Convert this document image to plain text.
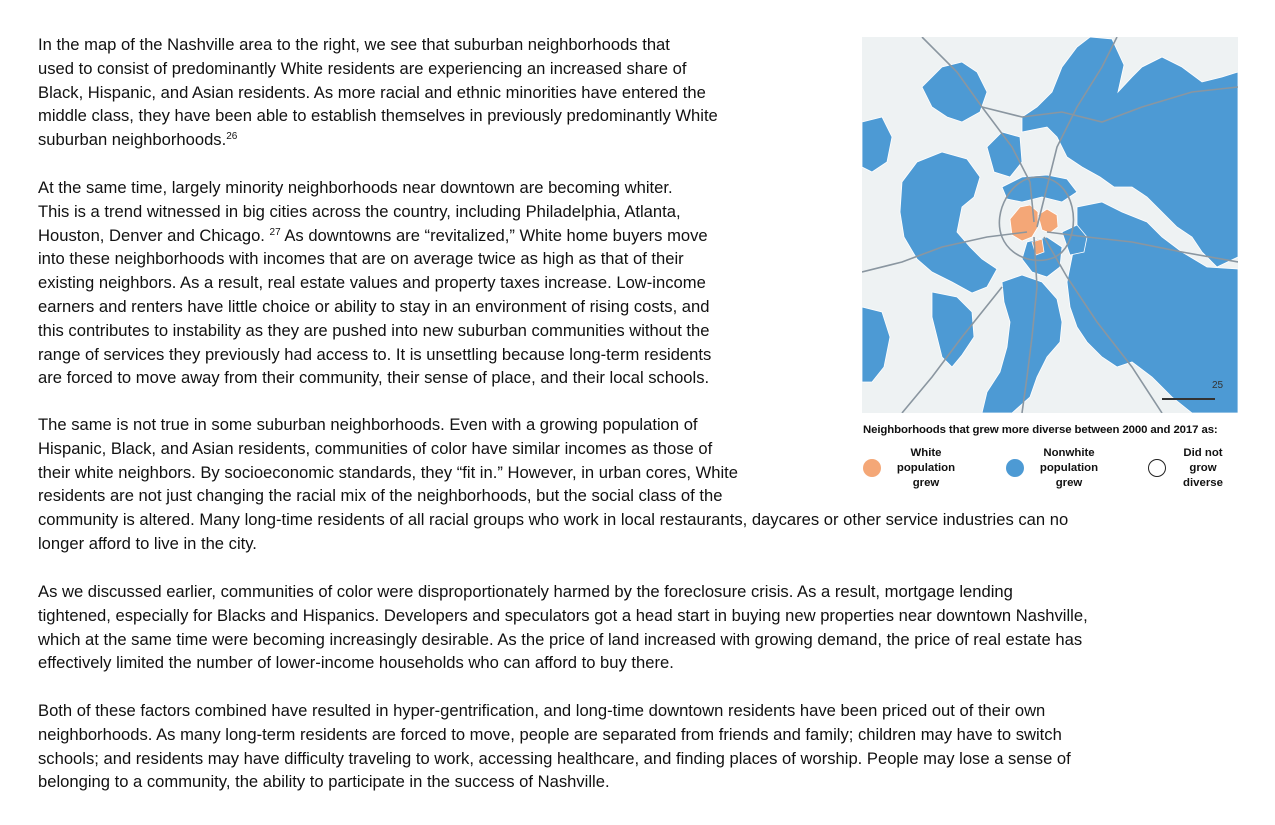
In the map of the Nashville area to the right, we see that suburban neighborhoods that
used to consist of predominantly White residents are experiencing an increased share of
Black, Hispanic, and Asian residents. As more racial and ethnic minorities have entered the
middle class, they have been able to establish themselves in previously predominantly White
suburban neighborhoods.$^{26}$
At the same time, largely minority neighborhoods near downtown are becoming whiter.
This is a trend witnessed in big cities across the country, including Philadelphia, Atlanta,
Houston, Denver and Chicago. $^{27}$ As downtowns are “revitalized,” White home buyers move
into these neighborhoods with incomes that are on average twice as high as that of their
existing neighbors. As a result, real estate values and property taxes increase. Low-income
earners and renters have little choice or ability to stay in an environment of rising costs, and
this contributes to instability as they are pushed into new suburban communities without the
range of services they previously had access to. It is unsettling because long-term residents
are forced to move away from their community, their sense of place, and their local schools.
The same is not true in some suburban neighborhoods. Even with a growing population of
Hispanic, Black, and Asian residents, communities of color have similar incomes as those of
their white neighbors. By socioeconomic standards, they “fit in.” However, in urban cores, White
residents are not just changing the racial mix of the neighborhoods, but the social class of the
community is altered. Many long-time residents of all racial groups who work in local restaurants, daycares or other service industries can no
longer afford to live in the city.
As we discussed earlier, communities of color were disproportionately harmed by the foreclosure crisis. As a result, mortgage lending
tightened, especially for Blacks and Hispanics. Developers and speculators got a head start in buying new properties near downtown Nashville,
which at the same time were becoming increasingly desirable. As the price of land increased with growing demand, the price of real estate has
effectively limited the number of lower-income households who can afford to buy there.
Both of these factors combined have resulted in hyper-gentrification, and long-time downtown residents have been priced out of their own
neighborhoods. As many long-term residents are forced to move, people are separated from friends and family; children may have to switch
schools; and residents may have difficulty traveling to work, accessing healthcare, and finding places of worship. People may lose a sense of
belonging to a community, the ability to participate in the success of Nashville.
25
Neighborhoods that grew more diverse between 2000 and 2017 as:
White
population
grew
Nonwhite
population
grew
Did not
grow
diverse
